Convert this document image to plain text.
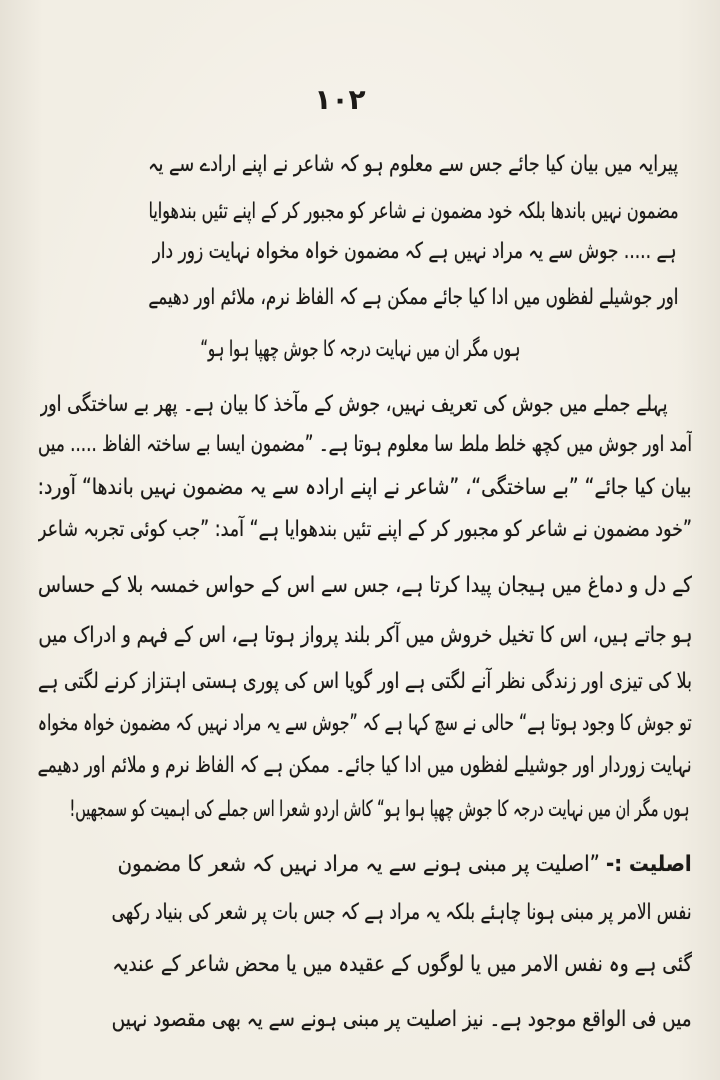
۱۰۲
پیرایہ میں بیان کیا جائے جس سے معلوم ہو کہ شاعر نے اپنے ارادے سے یہ
مضمون نہیں باندھا بلکہ خود مضمون نے شاعر کو مجبور کر کے اپنے تئیں بندھوایا
ہے ..... جوش سے یہ مراد نہیں ہے کہ مضمون خواہ مخواہ نہایت زور دار
اور جوشیلے لفظوں میں ادا کیا جائے ممکن ہے کہ الفاظ نرم، ملائم اور دھیمے
ہوں مگر ان میں نہایت درجہ کا جوش چھپا ہوا ہو“
پہلے جملے میں جوش کی تعریف نہیں، جوش کے مآخذ کا بیان ہے۔ پھر بے ساختگی اور
آمد اور جوش میں کچھ خلط ملط سا معلوم ہوتا ہے۔ ”مضمون ایسا بے ساختہ الفاظ ..... میں
بیان کیا جائے“ ”بے ساختگی“، ”شاعر نے اپنے ارادہ سے یہ مضمون نہیں باندھا“ آورد:
”خود مضمون نے شاعر کو مجبور کر کے اپنے تئیں بندھوایا ہے“ آمد: ”جب کوئی تجربہ شاعر
کے دل و دماغ میں ہیجان پیدا کرتا ہے، جس سے اس کے حواس خمسہ بلا کے حساس
ہو جاتے ہیں، اس کا تخیل خروش میں آکر بلند پرواز ہوتا ہے، اس کے فہم و ادراک میں
بلا کی تیزی اور زندگی نظر آنے لگتی ہے اور گویا اس کی پوری ہستی اہتزاز کرنے لگتی ہے
تو جوش کا وجود ہوتا ہے“ حالی نے سچ کہا ہے کہ ”جوش سے یہ مراد نہیں کہ مضمون خواہ مخواہ
نہایت زوردار اور جوشیلے لفظوں میں ادا کیا جائے۔ ممکن ہے کہ الفاظ نرم و ملائم اور دھیمے
ہوں مگر ان میں نہایت درجہ کا جوش چھپا ہوا ہو“ کاش اردو شعرا اس جملے کی اہمیت کو سمجھیں!
اصلیت :- ”اصلیت پر مبنی ہونے سے یہ مراد نہیں کہ شعر کا مضمون
نفس الامر پر مبنی ہونا چاہئے بلکہ یہ مراد ہے کہ جس بات پر شعر کی بنیاد رکھی
گئی ہے وہ نفس الامر میں یا لوگوں کے عقیدہ میں یا محض شاعر کے عندیہ
میں فی الواقع موجود ہے۔ نیز اصلیت پر مبنی ہونے سے یہ بھی مقصود نہیں
